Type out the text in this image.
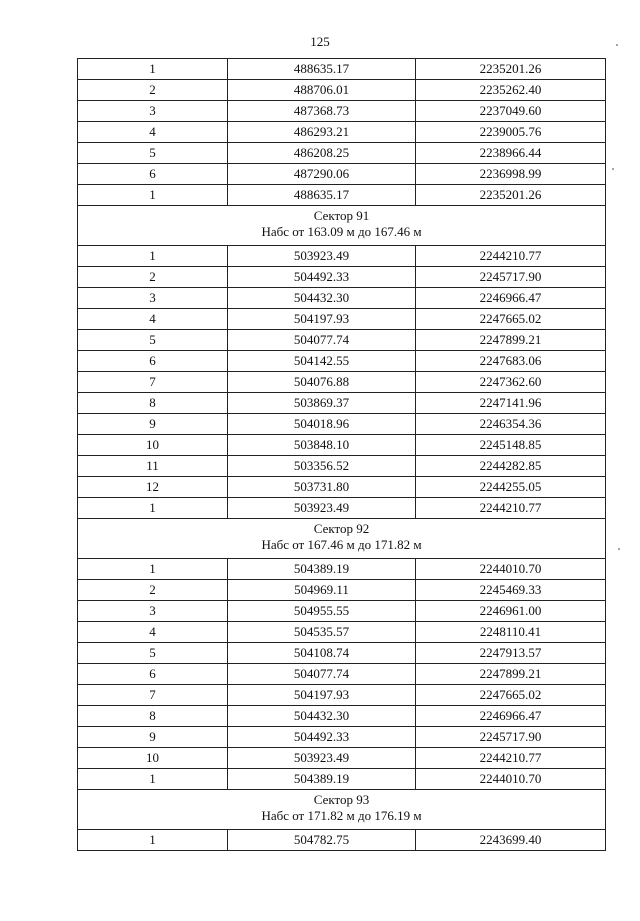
125
1	488635.17	2235201.26
2	488706.01	2235262.40
3	487368.73	2237049.60
4	486293.21	2239005.76
5	486208.25	2238966.44
6	487290.06	2236998.99
1	488635.17	2235201.26

Сектор 91
Набс от 163.09 м до 167.46 м		

1	503923.49	2244210.77
2	504492.33	2245717.90
3	504432.30	2246966.47
4	504197.93	2247665.02
5	504077.74	2247899.21
6	504142.55	2247683.06
7	504076.88	2247362.60
8	503869.37	2247141.96
9	504018.96	2246354.36
10	503848.10	2245148.85
11	503356.52	2244282.85
12	503731.80	2244255.05
1	503923.49	2244210.77

Сектор 92
Набс от 167.46 м до 171.82 м		

1	504389.19	2244010.70
2	504969.11	2245469.33
3	504955.55	2246961.00
4	504535.57	2248110.41
5	504108.74	2247913.57
6	504077.74	2247899.21
7	504197.93	2247665.02
8	504432.30	2246966.47
9	504492.33	2245717.90
10	503923.49	2244210.77
1	504389.19	2244010.70

Сектор 93
Набс от 171.82 м до 176.19 м		

1	504782.75	2243699.40
